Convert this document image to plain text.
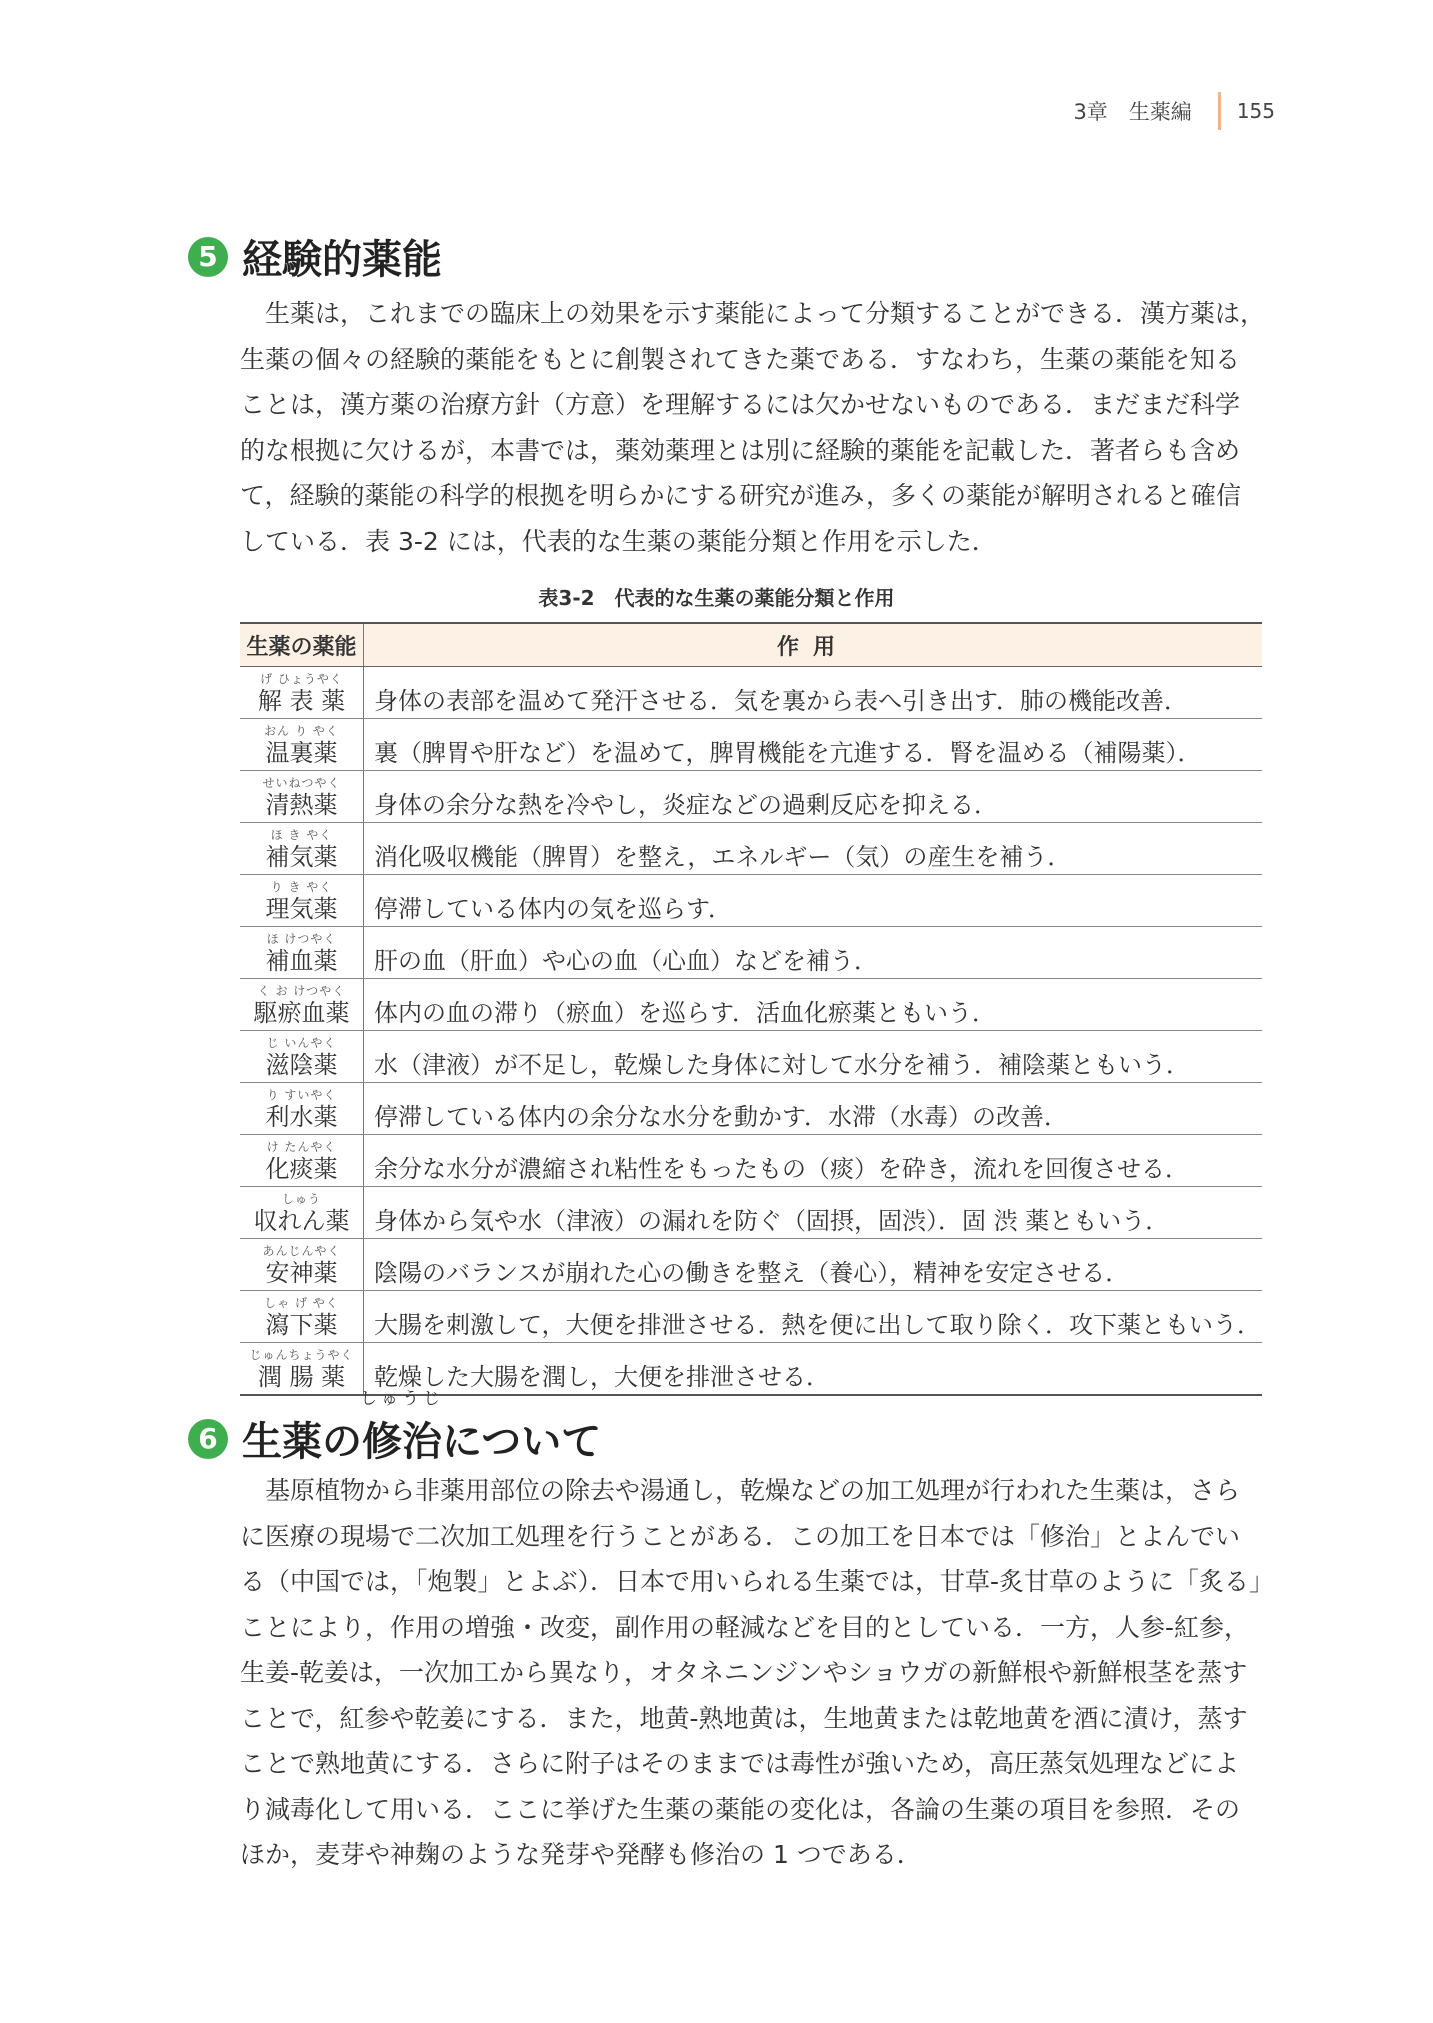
3章　生薬編 155
5 経験的薬能

生薬は，これまでの臨床上の効果を示す薬能によって分類することができる．漢方薬は，
生薬の個々の経験的薬能をもとに創製されてきた薬である．すなわち，生薬の薬能を知る
ことは，漢方薬の治療方針（方意）を理解するには欠かせないものである．まだまだ科学
的な根拠に欠けるが，本書では，薬効薬理とは別に経験的薬能を記載した．著者らも含め
て，経験的薬能の科学的根拠を明らかにする研究が進み，多くの薬能が解明されると確信
している．表 3-2 には，代表的な生薬の薬能分類と作用を示した．

表3-2　代表的な生薬の薬能分類と作用
生薬の薬能	作用

げ ひょうやく
解 表 薬	身体の表部を温めて発汗させる．気を裏から表へ引き出す．肺の機能改善．

おん り やく
温裏薬	裏（脾胃や肝など）を温めて，脾胃機能を亢進する．腎を温める（補陽薬）．

せいねつやく
清熱薬	身体の余分な熱を冷やし，炎症などの過剰反応を抑える．

ほ き やく
補気薬	消化吸収機能（脾胃）を整え，エネルギー（気）の産生を補う．

り き やく
理気薬	停滞している体内の気を巡らす．

ほ けつやく
補血薬	肝の血（肝血）や心の血（心血）などを補う．

く お けつやく
駆瘀血薬	体内の血の滞り（瘀血）を巡らす．活血化瘀薬ともいう．

じ いんやく
滋陰薬	水（津液）が不足し，乾燥した身体に対して水分を補う．補陰薬ともいう．

り すいやく
利水薬	停滞している体内の余分な水分を動かす．水滞（水毒）の改善．

け たんやく
化痰薬	余分な水分が濃縮され粘性をもったもの（痰）を砕き，流れを回復させる．

しゅう
収れん薬	身体から気や水（津液）の漏れを防ぐ（固摂，固渋）．固 渋 薬ともいう．

あんじんやく
安神薬	陰陽のバランスが崩れた心の働きを整え（養心），精神を安定させる．

しゃ げ やく
瀉下薬	大腸を刺激して，大便を排泄させる．熱を便に出して取り除く．攻下薬ともいう．

じゅんちょうやく
潤 腸 薬	乾燥した大腸を潤し，大便を排泄させる．
6 生薬の
しゅうじ
修治 について

基原植物から非薬用部位の除去や湯通し，乾燥などの加工処理が行われた生薬は，さら
に医療の現場で二次加工処理を行うことがある．この加工を日本では「修治」とよんでい
る（中国では，「炮製」とよぶ）．日本で用いられる生薬では，甘草-炙甘草のように「炙る」
ことにより，作用の増強・改変，副作用の軽減などを目的としている．一方，人参-紅参，
生姜-乾姜は，一次加工から異なり，オタネニンジンやショウガの新鮮根や新鮮根茎を蒸す
ことで，紅参や乾姜にする．また，地黄-熟地黄は，生地黄または乾地黄を酒に漬け，蒸す
ことで熟地黄にする．さらに附子はそのままでは毒性が強いため，高圧蒸気処理などによ
り減毒化して用いる．ここに挙げた生薬の薬能の変化は，各論の生薬の項目を参照．その
ほか，麦芽や神麹のような発芽や発酵も修治の 1 つである．
